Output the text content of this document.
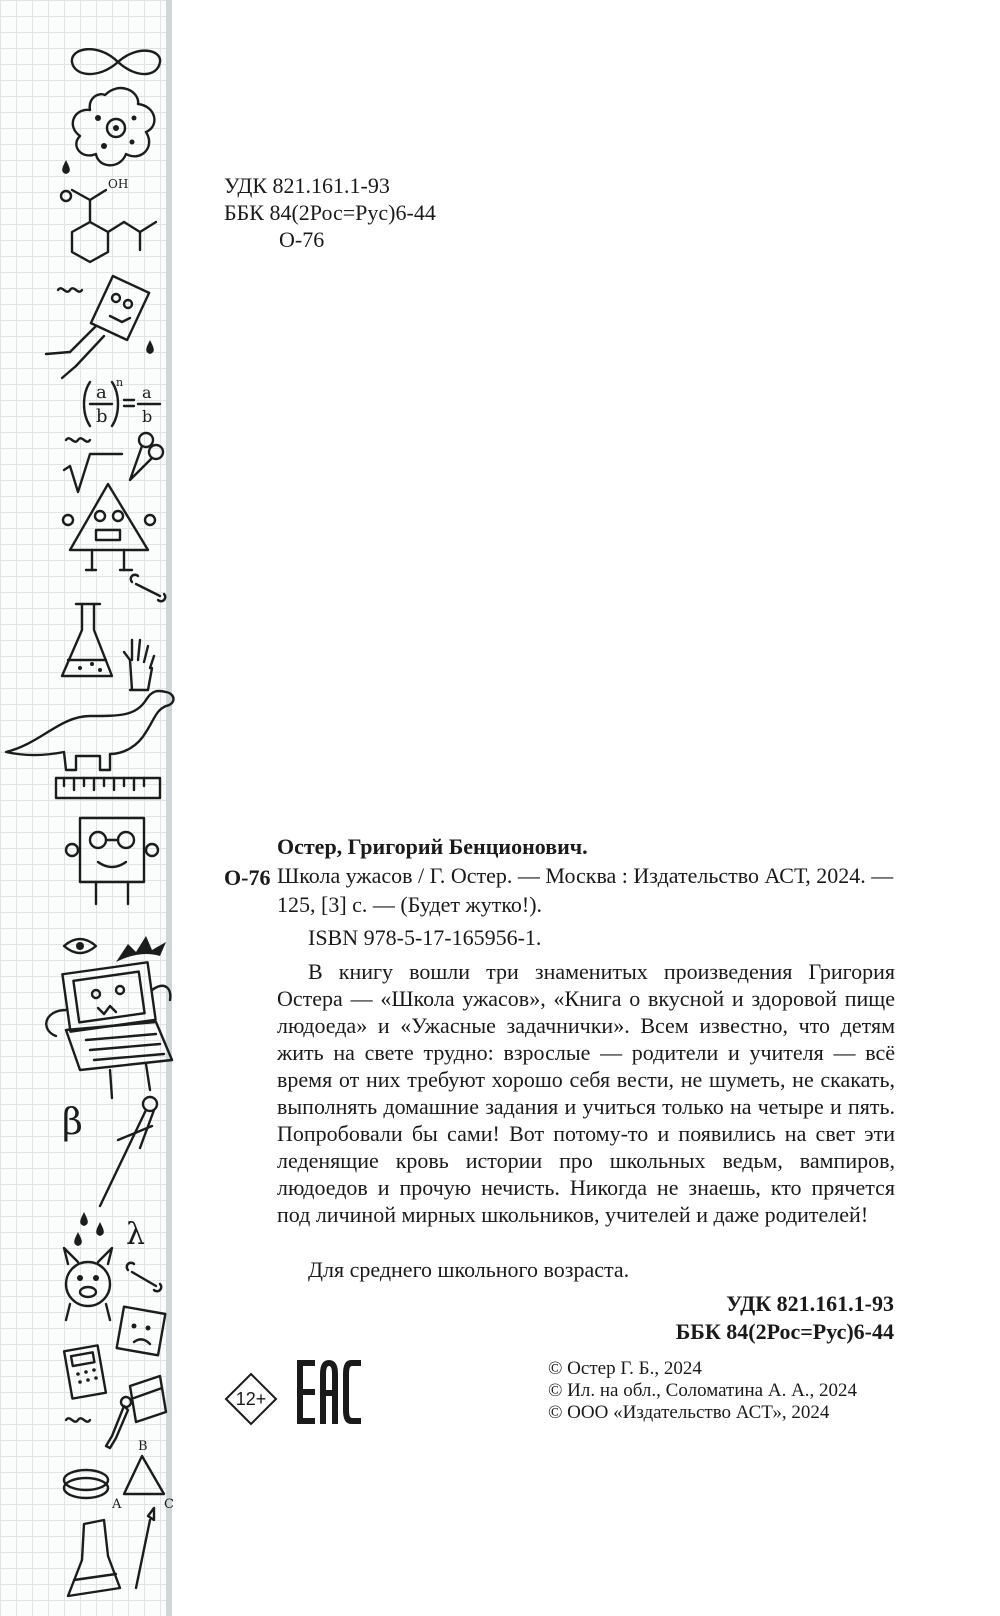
OH
a
b
n
a
b
β
λ
B
A	C
УДК 821.161.1-93
ББК 84(2Рос=Рус)6-44
О-76
Остер, Григорий Бенционович.
О-76 Школа ужасов / Г. Остер. — Москва : Издательство АСТ, 2024. — 125, [3] с. — (Будет жутко!).
ISBN 978-5-17-165956-1.

В книгу вошли три знаменитых произведения Григория Остера — «Школа ужасов», «Книга о вкусной и здоровой пище людоеда» и «Ужасные задачнички». Всем известно, что детям жить на свете трудно: взрослые — родители и учителя — всё время от них требуют хорошо себя вести, не шуметь, не скакать, выполнять домашние задания и учиться только на четыре и пять. Попробовали бы сами! Вот потому-то и появились на свет эти леденящие кровь истории про школьных ведьм, вампиров, людоедов и прочую нечисть. Никогда не знаешь, кто прячется под личиной мирных школьников, учителей и даже родителей!

Для среднего школьного возраста.
УДК 821.161.1-93
ББК 84(2Рос=Рус)6-44
12+
© Остер Г. Б., 2024
© Ил. на обл., Соломатина А. А., 2024
© ООО «Издательство АСТ», 2024
